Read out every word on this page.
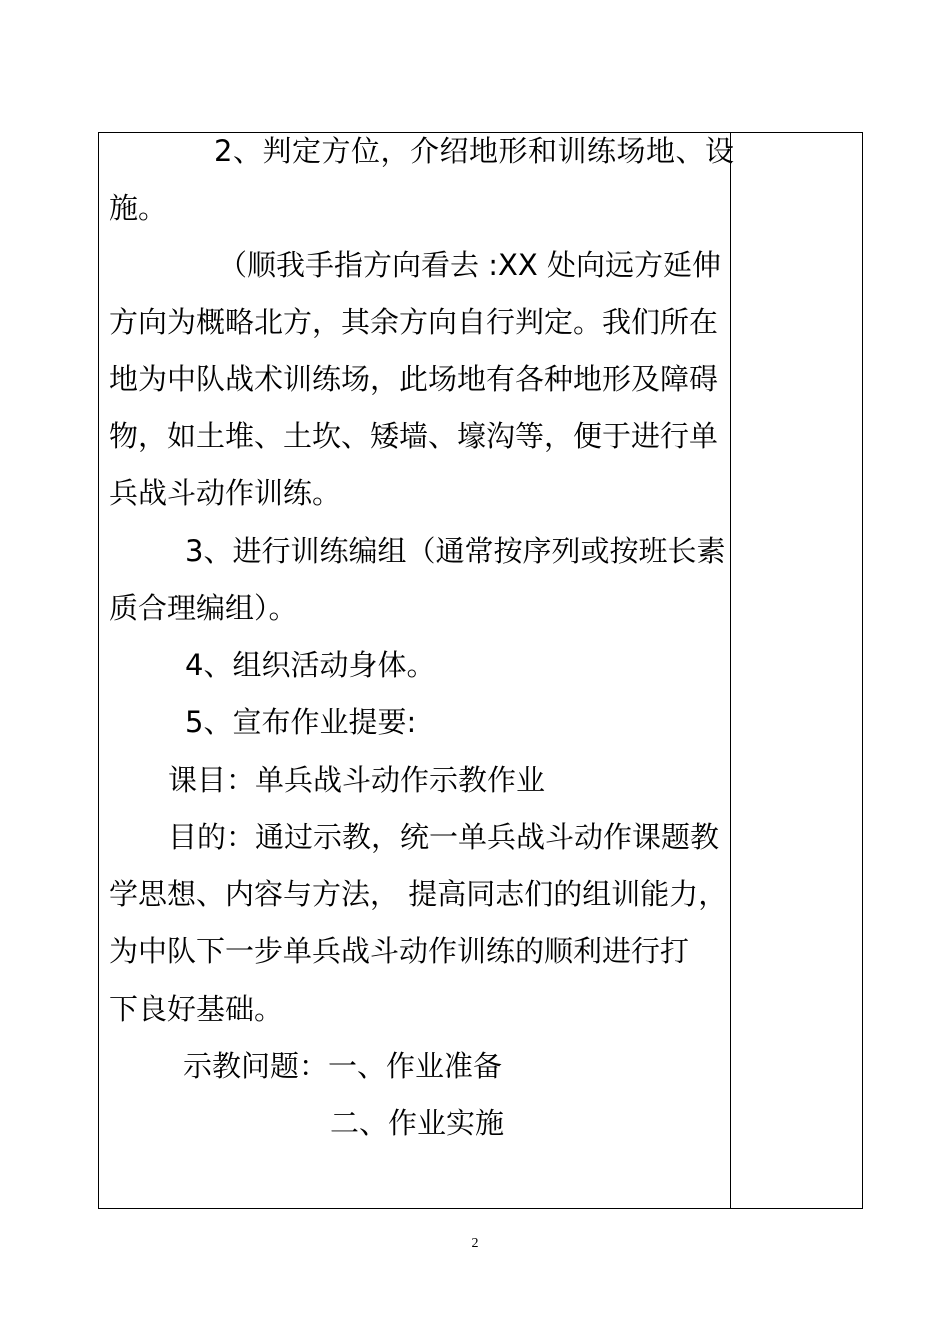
2、判定方位，介绍地形和训练场地、设
施。
（顺我手指方向看去 :XX 处向远方延伸
方向为概略北方，其余方向自行判定。我们所在
地为中队战术训练场，此场地有各种地形及障碍
物，如土堆、土坎、矮墙、壕沟等，便于进行单
兵战斗动作训练。
3、进行训练编组（通常按序列或按班长素
质合理编组）。
4、组织活动身体。
5、宣布作业提要:
课目：单兵战斗动作示教作业
目的：通过示教，统一单兵战斗动作课题教
学思想、内容与方法， 提高同志们的组训能力，
为中队下一步单兵战斗动作训练的顺利进行打
下良好基础。
示教问题：一、作业准备
二、作业实施
2
